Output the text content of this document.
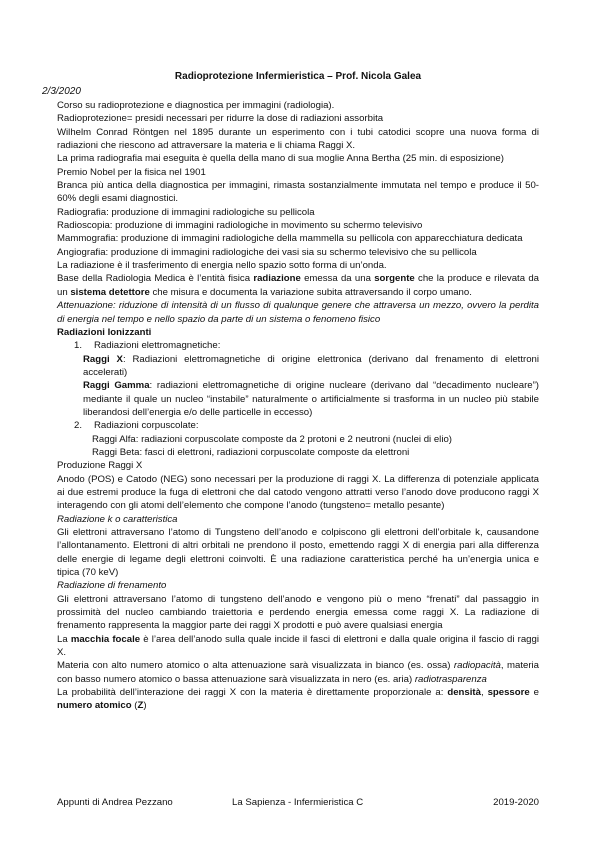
Radioprotezione Infermieristica – Prof. Nicola Galea
2/3/2020

Corso su radioprotezione e diagnostica per immagini (radiologia).

Radioprotezione= presidi necessari per ridurre la dose di radiazioni assorbita

Wilhelm Conrad Röntgen nel 1895 durante un esperimento con i tubi catodici scopre una nuova forma di radiazioni che riescono ad attraversare la materia e li chiama Raggi X.

La prima radiografia mai eseguita è quella della mano di sua moglie Anna Bertha (25 min. di esposizione)

Premio Nobel per la fisica nel 1901

Branca più antica della diagnostica per immagini, rimasta sostanzialmente immutata nel tempo e produce il 50-60% degli esami diagnostici.

Radiografia: produzione di immagini radiologiche su pellicola

Radioscopia: produzione di immagini radiologiche in movimento su schermo televisivo

Mammografia: produzione di immagini radiologiche della mammella su pellicola con apparecchiatura dedicata

Angiografia: produzione di immagini radiologiche dei vasi sia su schermo televisivo che su pellicola

La radiazione è il trasferimento di energia nello spazio sotto forma di un’onda.

Base della Radiologia Medica è l’entità fisica radiazione emessa da una sorgente che la produce e rilevata da un sistema detettore che misura e documenta la variazione subita attraversando il corpo umano.

Attenuazione: riduzione di intensità di un flusso di qualunque genere che attraversa un mezzo, ovvero la perdita di energia nel tempo e nello spazio da parte di un sistema o fenomeno fisico

Radiazioni Ionizzanti

1. Radiazioni elettromagnetiche:

Raggi X: Radiazioni elettromagnetiche di origine elettronica (derivano dal frenamento di elettroni accelerati)

Raggi Gamma: radiazioni elettromagnetiche di origine nucleare (derivano dal “decadimento nucleare”) mediante il quale un nucleo “instabile” naturalmente o artificialmente si trasforma in un nucleo più stabile liberandosi dell’energia e/o delle particelle in eccesso)

2. Radiazioni corpuscolate:

Raggi Alfa: radiazioni corpuscolate composte da 2 protoni e 2 neutroni (nuclei di elio)

Raggi Beta: fasci di elettroni, radiazioni corpuscolate composte da elettroni

Produzione Raggi X

Anodo (POS) e Catodo (NEG) sono necessari per la produzione di raggi X. La differenza di potenziale applicata ai due estremi produce la fuga di elettroni che dal catodo vengono attratti verso l’anodo dove producono raggi X interagendo con gli atomi dell’elemento che compone l’anodo (tungsteno= metallo pesante)

Radiazione k o caratteristica

Gli elettroni attraversano l’atomo di Tungsteno dell’anodo e colpiscono gli elettroni dell’orbitale k, causandone l’allontanamento. Elettroni di altri orbitali ne prendono il posto, emettendo raggi X di energia pari alla differenza delle energie di legame degli elettroni coinvolti. È una radiazione caratteristica perché ha un’energia unica e tipica (70 keV)

Radiazione di frenamento

Gli elettroni attraversano l’atomo di tungsteno dell’anodo e vengono più o meno “frenati” dal passaggio in prossimità del nucleo cambiando traiettoria e perdendo energia emessa come raggi X. La radiazione di frenamento rappresenta la maggior parte dei raggi X prodotti e può avere qualsiasi energia

La macchia focale è l’area dell’anodo sulla quale incide il fasci di elettroni e dalla quale origina il fascio di raggi X.

Materia con alto numero atomico o alta attenuazione sarà visualizzata in bianco (es. ossa) radiopacità, materia con basso numero atomico o bassa attenuazione sarà visualizzata in nero (es. aria) radiotrasparenza

La probabilità dell’interazione dei raggi X con la materia è direttamente proporzionale a: densità, spessore e numero atomico (Z)

Appunti di Andrea Pezzano	La Sapienza - Infermieristica C	2019-2020
